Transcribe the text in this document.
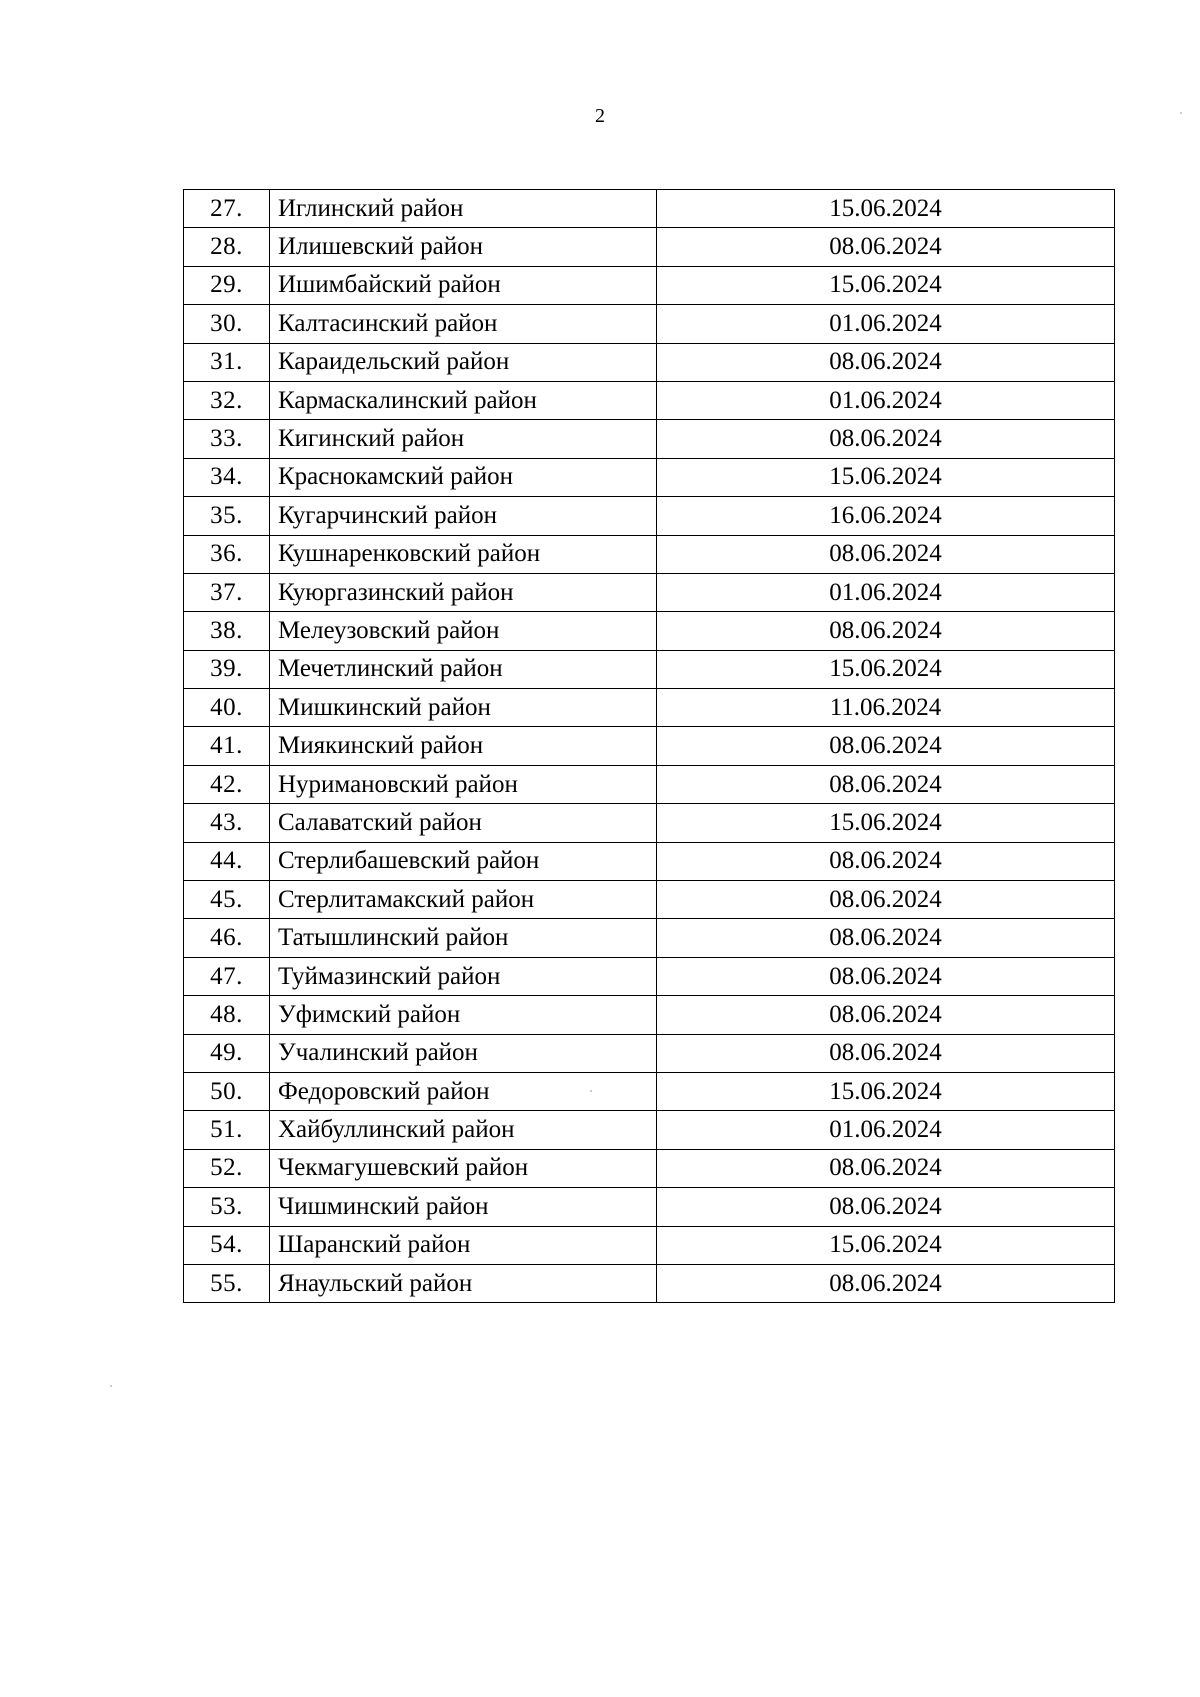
2
27.	Иглинский район	15.06.2024
28.	Илишевский район	08.06.2024
29.	Ишимбайский район	15.06.2024
30.	Калтасинский район	01.06.2024
31.	Караидельский район	08.06.2024
32.	Кармаскалинский район	01.06.2024
33.	Кигинский район	08.06.2024
34.	Краснокамский район	15.06.2024
35.	Кугарчинский район	16.06.2024
36.	Кушнаренковский район	08.06.2024
37.	Куюргазинский район	01.06.2024
38.	Мелеузовский район	08.06.2024
39.	Мечетлинский район	15.06.2024
40.	Мишкинский район	11.06.2024
41.	Миякинский район	08.06.2024
42.	Нуримановский район	08.06.2024
43.	Салаватский район	15.06.2024
44.	Стерлибашевский район	08.06.2024
45.	Стерлитамакский район	08.06.2024
46.	Татышлинский район	08.06.2024
47.	Туймазинский район	08.06.2024
48.	Уфимский район	08.06.2024
49.	Учалинский район	08.06.2024
50.	Федоровский район	15.06.2024
51.	Хайбуллинский район	01.06.2024
52.	Чекмагушевский район	08.06.2024
53.	Чишминский район	08.06.2024
54.	Шаранский район	15.06.2024
55.	Янаульский район	08.06.2024
